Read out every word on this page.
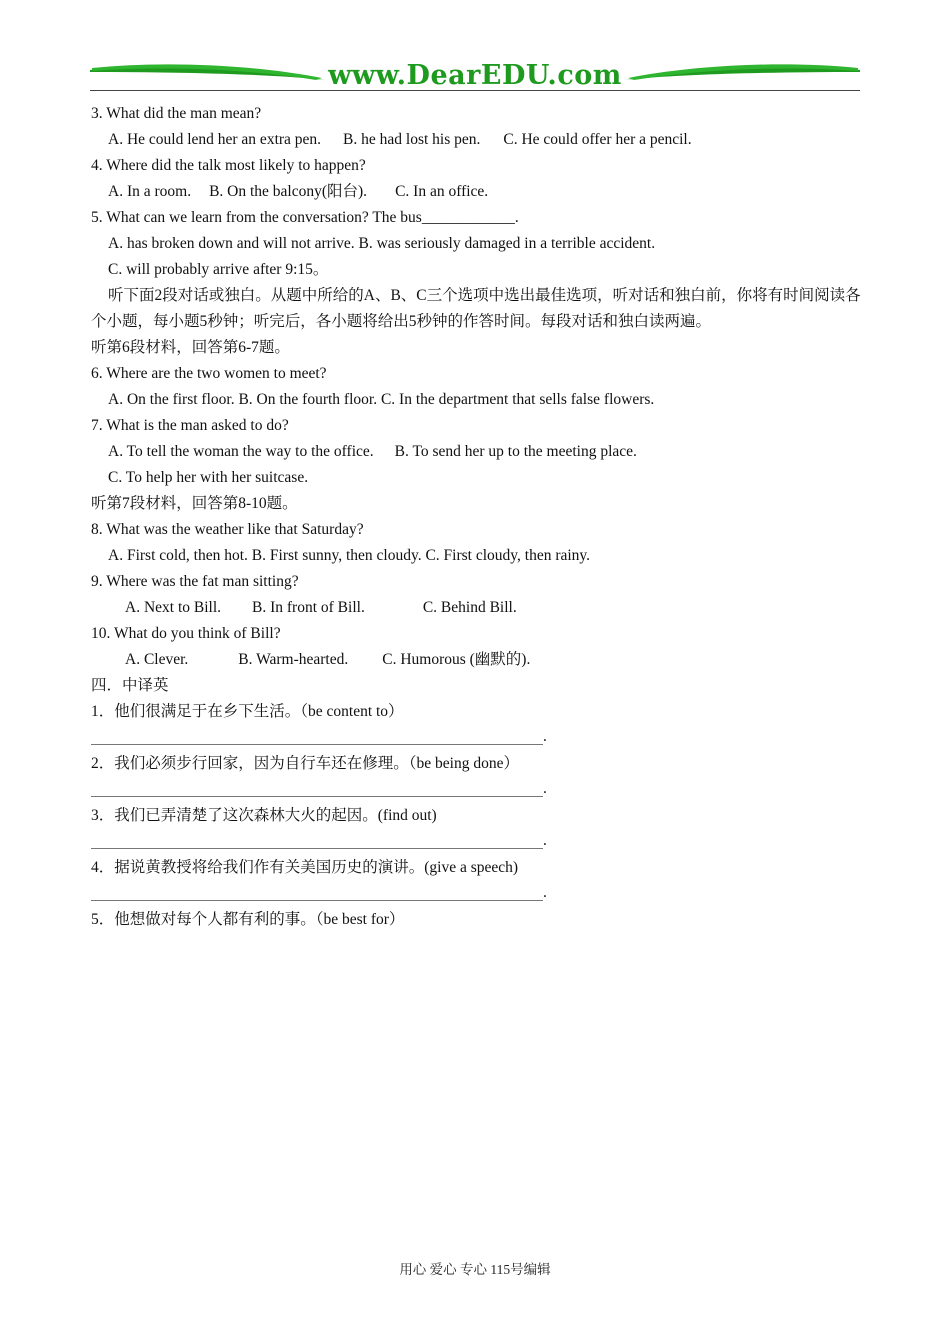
www.DearEDU.com
3. What did the man mean?
A. He could lend her an extra pen. B. he had lost his pen. C. He could offer her a pencil.
4. Where did the talk most likely to happen?
A. In a room. B. On the balcony(阳台). C. In an office.
5. What can we learn from the conversation? The bus____________.
A. has broken down and will not arrive. B. was seriously damaged in a terrible accident.
C. will probably arrive after 9:15。
听下面2段对话或独白。从题中所给的A、B、C三个选项中选出最佳选项，听对话和独白前，你将有时间阅读各个小题，每小题5秒钟；听完后，各小题将给出5秒钟的作答时间。每段对话和独白读两遍。
听第6段材料，回答第6-7题。
6. Where are the two women to meet?
A. On the first floor. B. On the fourth floor. C. In the department that sells false flowers.
7. What is the man asked to do?
A. To tell the woman the way to the office. B. To send her up to the meeting place.
C. To help her with her suitcase.
听第7段材料，回答第8-10题。
8. What was the weather like that Saturday?
A. First cold, then hot. B. First sunny, then cloudy. C. First cloudy, then rainy.
9. Where was the fat man sitting?
A. Next to Bill. B. In front of Bill.	C. Behind Bill.
10. What do you think of Bill?
A. Clever.	B. Warm-hearted. C. Humorous (幽默的).
四．中译英
1．他们很满足于在乡下生活。（be content to）
.
2．我们必须步行回家，因为自行车还在修理。（be being done）
.
3．我们已弄清楚了这次森林大火的起因。(find out)
.
4．据说黄教授将给我们作有关美国历史的演讲。(give a speech)
.
5．他想做对每个人都有利的事。（be best for）
用心 爱心 专心 115号编辑
